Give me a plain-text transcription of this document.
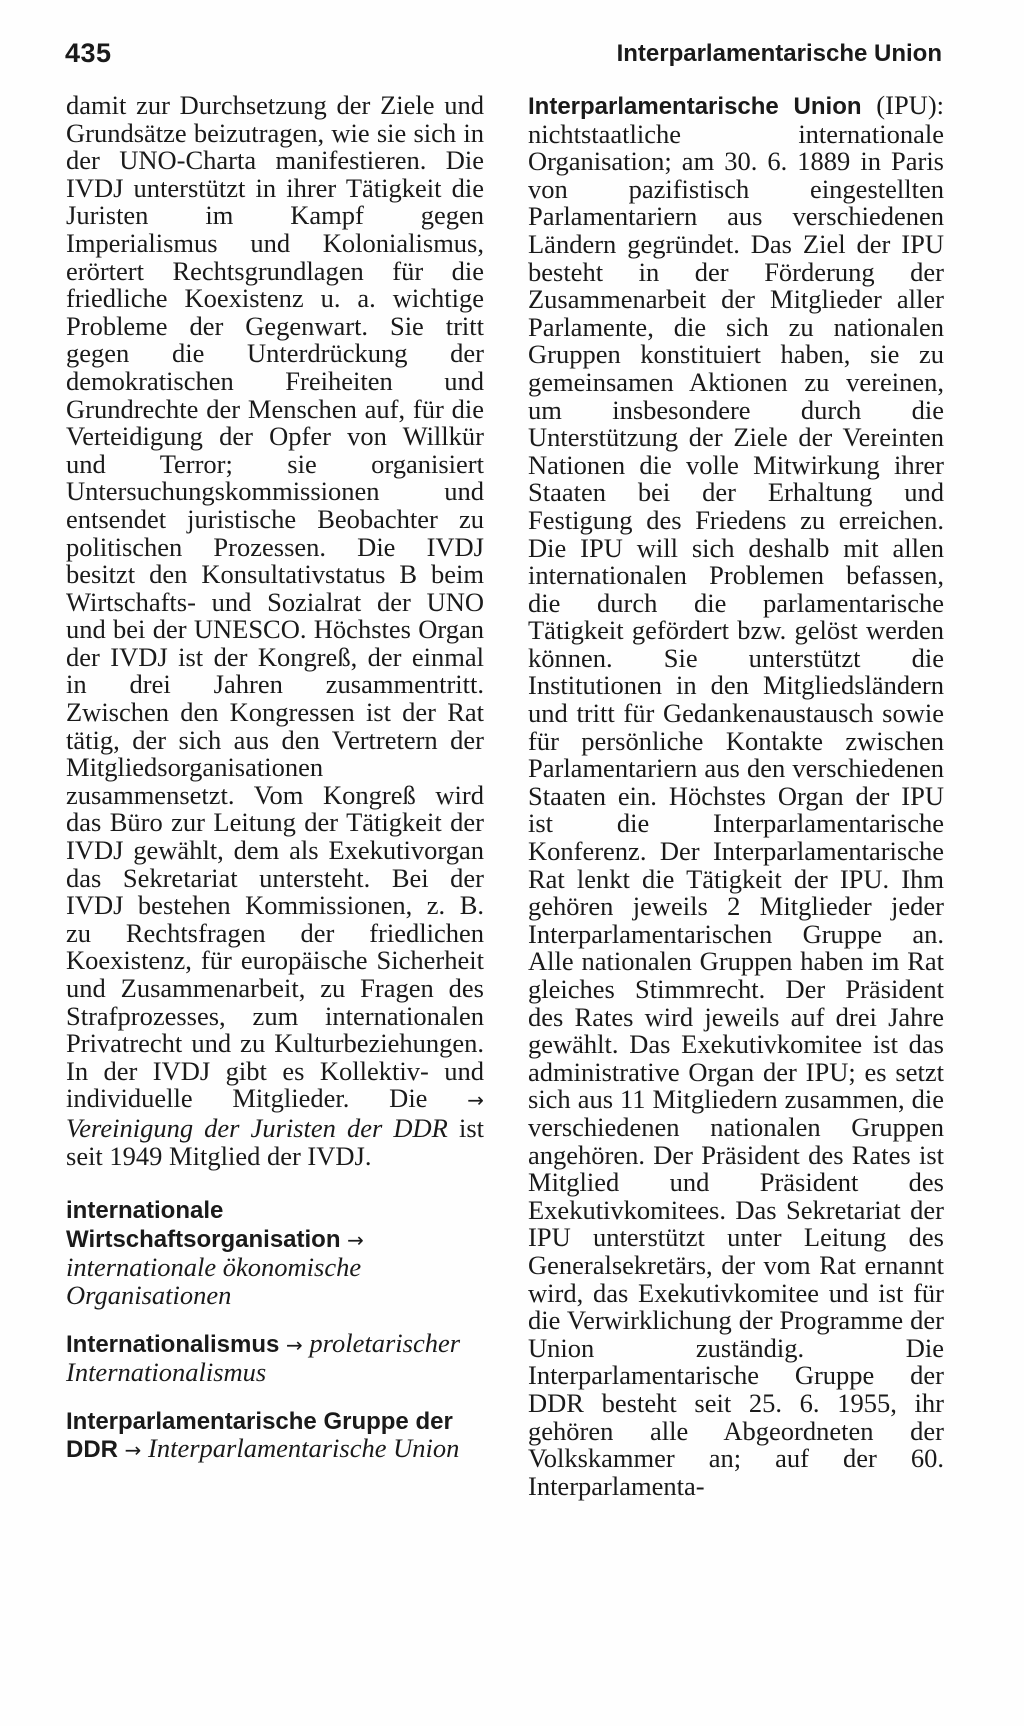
435	Interparlamentarische Union

damit zur Durchsetzung der Ziele und Grundsätze beizutragen, wie sie sich in der UNO-Charta manifestieren. Die IVDJ unterstützt in ihrer Tätigkeit die Juristen im Kampf gegen Imperialismus und Kolonialismus, erörtert Rechtsgrundlagen für die friedliche Koexistenz u. a. wichtige Probleme der Gegenwart. Sie tritt gegen die Unterdrückung der demokratischen Freiheiten und Grundrechte der Menschen auf, für die Verteidigung der Opfer von Willkür und Terror; sie organisiert Untersuchungskommissionen und entsendet juristische Beobachter zu politischen Prozessen. Die IVDJ besitzt den Konsultativstatus B beim Wirtschafts- und Sozialrat der UNO und bei der UNESCO. Höchstes Organ der IVDJ ist der Kongreß, der einmal in drei Jahren zusammentritt. Zwischen den Kongressen ist der Rat tätig, der sich aus den Vertretern der Mitgliedsorganisationen zusammensetzt. Vom Kongreß wird das Büro zur Leitung der Tätigkeit der IVDJ gewählt, dem als Exekutivorgan das Sekretariat untersteht. Bei der IVDJ bestehen Kommissionen, z. B. zu Rechtsfragen der friedlichen Koexistenz, für europäische Sicherheit und Zusammenarbeit, zu Fragen des Strafprozesses, zum internationalen Privatrecht und zu Kulturbeziehungen. In der IVDJ gibt es Kollektiv- und individuelle Mitglieder. Die → Vereinigung der Juristen der DDR ist seit 1949 Mitglied der IVDJ.

internationale Wirtschaftsorganisation → internationale ökonomische Organisationen

Internationalismus → proletarischer Internationalismus

Interparlamentarische Gruppe der DDR → Interparlamentarische Union

Interparlamentarische Union (IPU): nichtstaatliche internationale Organisation; am 30. 6. 1889 in Paris von pazifistisch eingestellten Parlamentariern aus verschiedenen Ländern gegründet. Das Ziel der IPU besteht in der Förderung der Zusammenarbeit der Mitglieder aller Parlamente, die sich zu nationalen Gruppen konstituiert haben, sie zu gemeinsamen Aktionen zu vereinen, um insbesondere durch die Unterstützung der Ziele der Vereinten Nationen die volle Mitwirkung ihrer Staaten bei der Erhaltung und Festigung des Friedens zu erreichen. Die IPU will sich deshalb mit allen internationalen Problemen befassen, die durch die parlamentarische Tätigkeit gefördert bzw. gelöst werden können. Sie unterstützt die Institutionen in den Mitgliedsländern und tritt für Gedankenaustausch sowie für persönliche Kontakte zwischen Parlamentariern aus den verschiedenen Staaten ein. Höchstes Organ der IPU ist die Interparlamentarische Konferenz. Der Interparlamentarische Rat lenkt die Tätigkeit der IPU. Ihm gehören jeweils 2 Mitglieder jeder Interparlamentarischen Gruppe an. Alle nationalen Gruppen haben im Rat gleiches Stimmrecht. Der Präsident des Rates wird jeweils auf drei Jahre gewählt. Das Exekutivkomitee ist das administrative Organ der IPU; es setzt sich aus 11 Mitgliedern zusammen, die verschiedenen nationalen Gruppen angehören. Der Präsident des Rates ist Mitglied und Präsident des Exekutivkomitees. Das Sekretariat der IPU unterstützt unter Leitung des Generalsekretärs, der vom Rat ernannt wird, das Exekutivkomitee und ist für die Verwirklichung der Programme der Union zuständig. Die Interparlamentarische Gruppe der DDR besteht seit 25. 6. 1955, ihr gehören alle Abgeordneten der Volkskammer an; auf der 60. Interparlamenta-
